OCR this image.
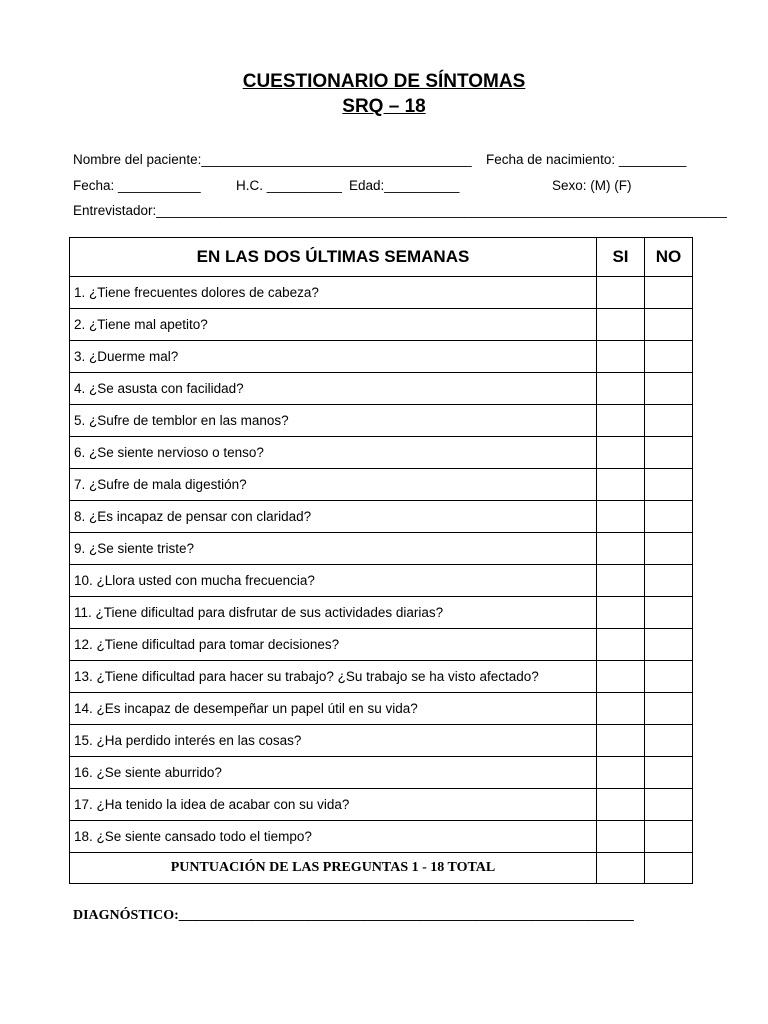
CUESTIONARIO DE SÍNTOMAS
SRQ – 18
Nombre del paciente:____________________________________ Fecha de nacimiento: _________
Fecha: ___________	H.C. __________ Edad:__________	Sexo: (M) (F)
Entrevistador:____________________________________________________________________________
EN LAS DOS ÚLTIMAS SEMANAS	SI	NO
1. ¿Tiene frecuentes dolores de cabeza?		
2. ¿Tiene mal apetito?		
3. ¿Duerme mal?		
4. ¿Se asusta con facilidad?		
5. ¿Sufre de temblor en las manos?		
6. ¿Se siente nervioso o tenso?		
7. ¿Sufre de mala digestión?		
8. ¿Es incapaz de pensar con claridad?		
9. ¿Se siente triste?		
10. ¿Llora usted con mucha frecuencia?		
11. ¿Tiene dificultad para disfrutar de sus actividades diarias?		
12. ¿Tiene dificultad para tomar decisiones?		
13. ¿Tiene dificultad para hacer su trabajo? ¿Su trabajo se ha visto afectado?		
14. ¿Es incapaz de desempeñar un papel útil en su vida?		
15. ¿Ha perdido interés en las cosas?		
16. ¿Se siente aburrido?		
17. ¿Ha tenido la idea de acabar con su vida?		
18. ¿Se siente cansado todo el tiempo?		
PUNTUACIÓN DE LAS PREGUNTAS 1 - 18 TOTAL		
DIAGNÓSTICO:_________________________________________________________________
